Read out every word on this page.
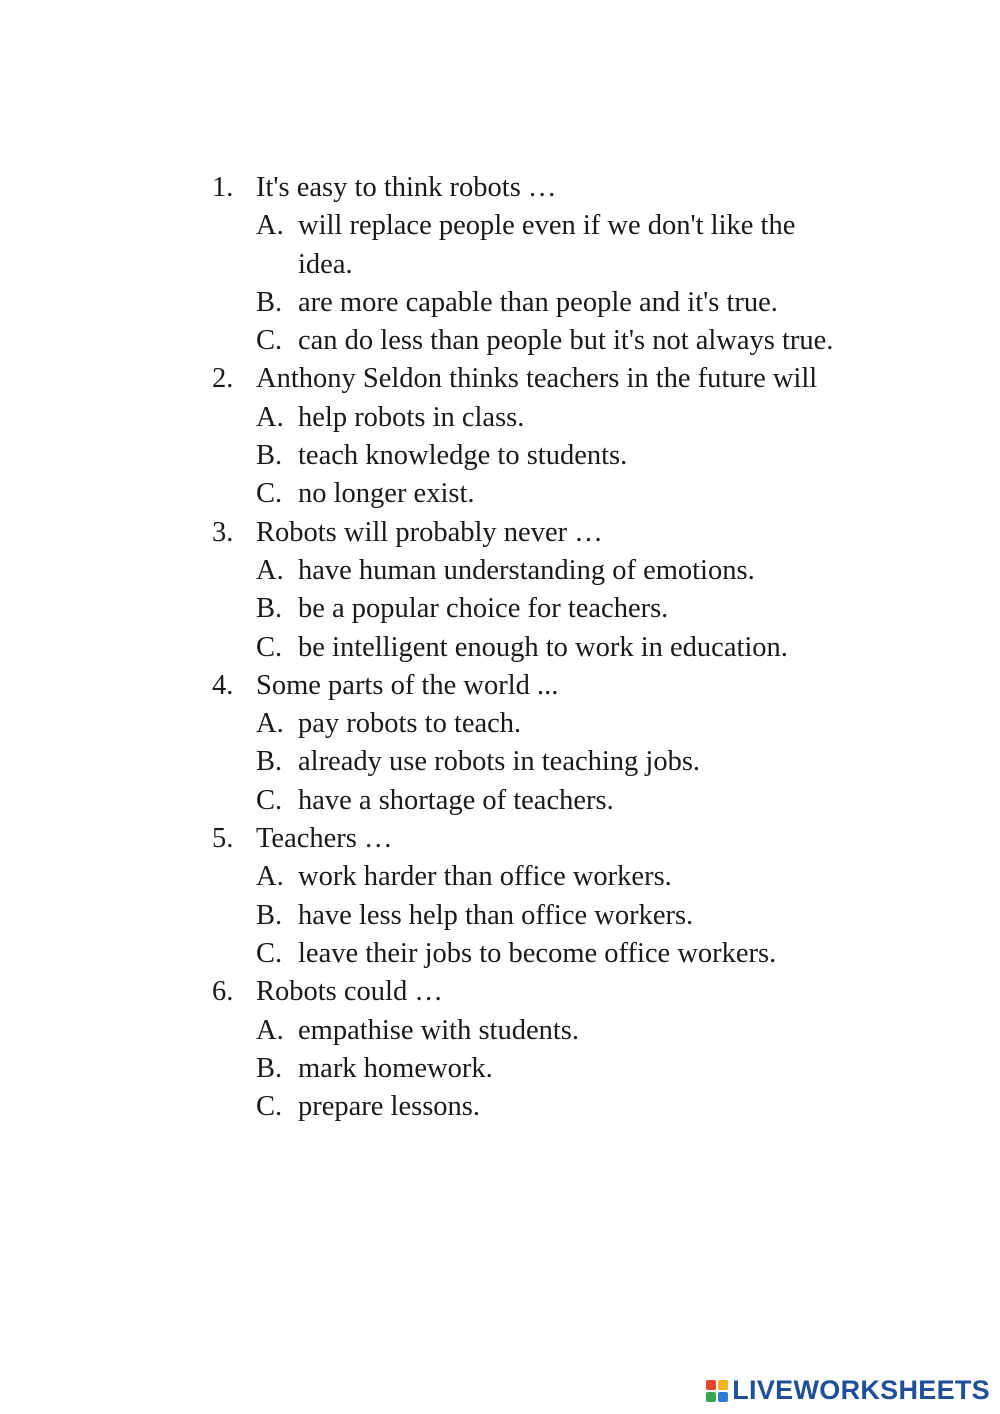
1. It's easy to think robots …
A. will replace people even if we don't like the idea.
B. are more capable than people and it's true.
C. can do less than people but it's not always true.
2. Anthony Seldon thinks teachers in the future will
A. help robots in class.
B. teach knowledge to students.
C. no longer exist.
3. Robots will probably never …
A. have human understanding of emotions.
B. be a popular choice for teachers.
C. be intelligent enough to work in education.
4. Some parts of the world ...
A. pay robots to teach.
B. already use robots in teaching jobs.
C. have a shortage of teachers.
5. Teachers …
A. work harder than office workers.
B. have less help than office workers.
C. leave their jobs to become office workers.
6. Robots could …
A. empathise with students.
B. mark homework.
C. prepare lessons.
LIVEWORKSHEETS
